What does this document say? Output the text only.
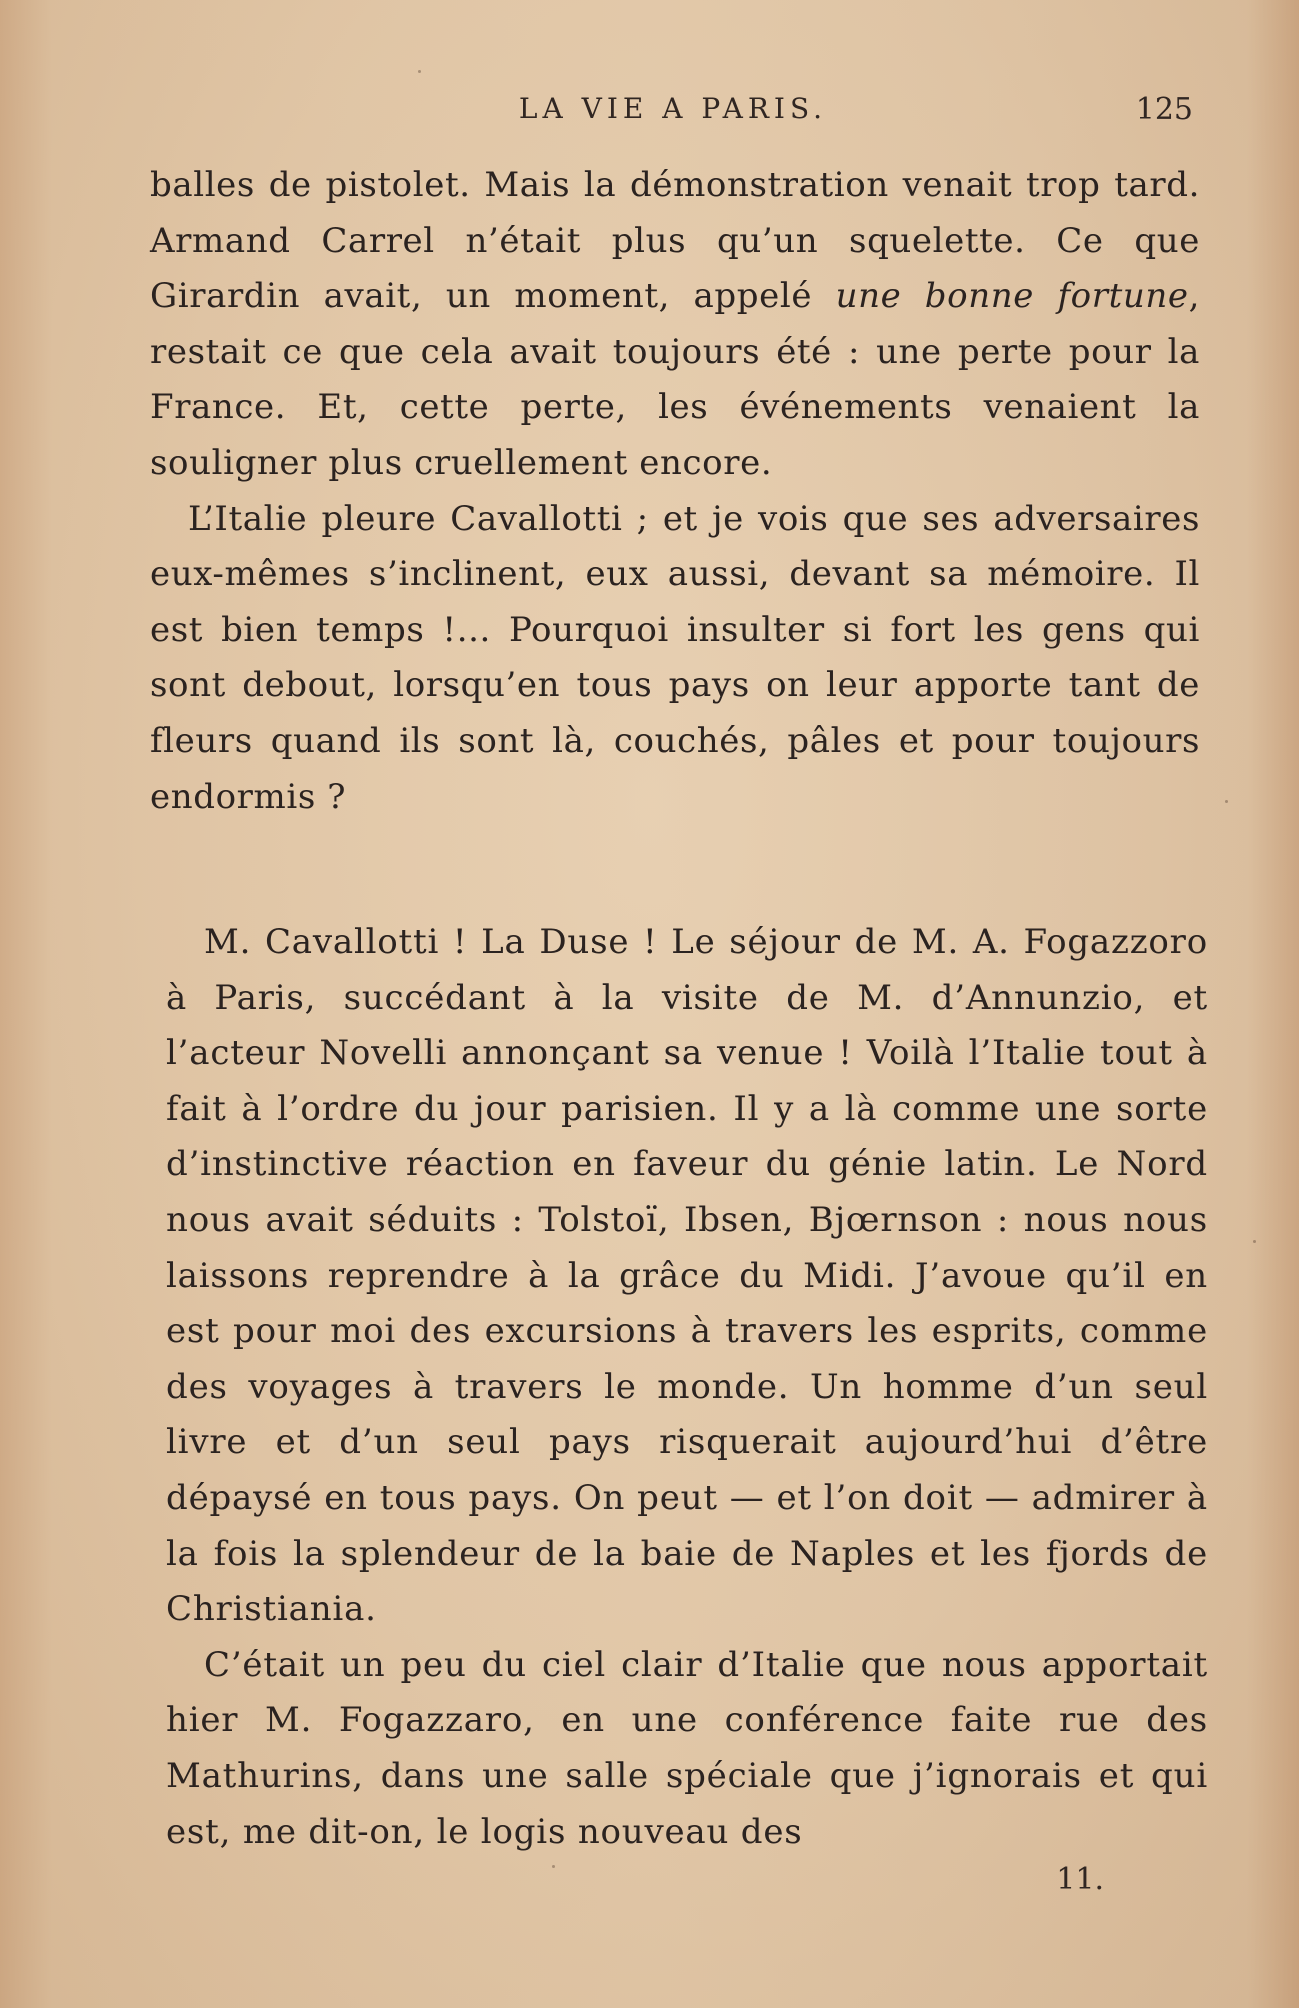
LA VIE A PARIS.	125

balles de pistolet. Mais la démonstration venait trop tard. Armand Carrel n’était plus qu’un squelette. Ce que Girardin avait, un moment, appelé une bonne fortune, restait ce que cela avait toujours été : une perte pour la France. Et, cette perte, les événements venaient la souligner plus cruellement encore.

L’Italie pleure Cavallotti ; et je vois que ses adversaires eux-mêmes s’inclinent, eux aussi, devant sa mémoire. Il est bien temps !... Pourquoi insulter si fort les gens qui sont debout, lorsqu’en tous pays on leur apporte tant de fleurs quand ils sont là, couchés, pâles et pour toujours endormis ?

M. Cavallotti ! La Duse ! Le séjour de M. A. Fogazzoro à Paris, succédant à la visite de M. d’Annunzio, et l’acteur Novelli annonçant sa venue ! Voilà l’Italie tout à fait à l’ordre du jour parisien. Il y a là comme une sorte d’instinctive réaction en faveur du génie latin. Le Nord nous avait séduits : Tolstoï, Ibsen, Bjœrnson : nous nous laissons reprendre à la grâce du Midi. J’avoue qu’il en est pour moi des excursions à travers les esprits, comme des voyages à travers le monde. Un homme d’un seul livre et d’un seul pays risquerait aujourd’hui d’être dépaysé en tous pays. On peut — et l’on doit — admirer à la fois la splendeur de la baie de Naples et les fjords de Christiania.

C’était un peu du ciel clair d’Italie que nous apportait hier M. Fogazzaro, en une conférence faite rue des Mathurins, dans une salle spéciale que j’ignorais et qui est, me dit-on, le logis nouveau des

11.
